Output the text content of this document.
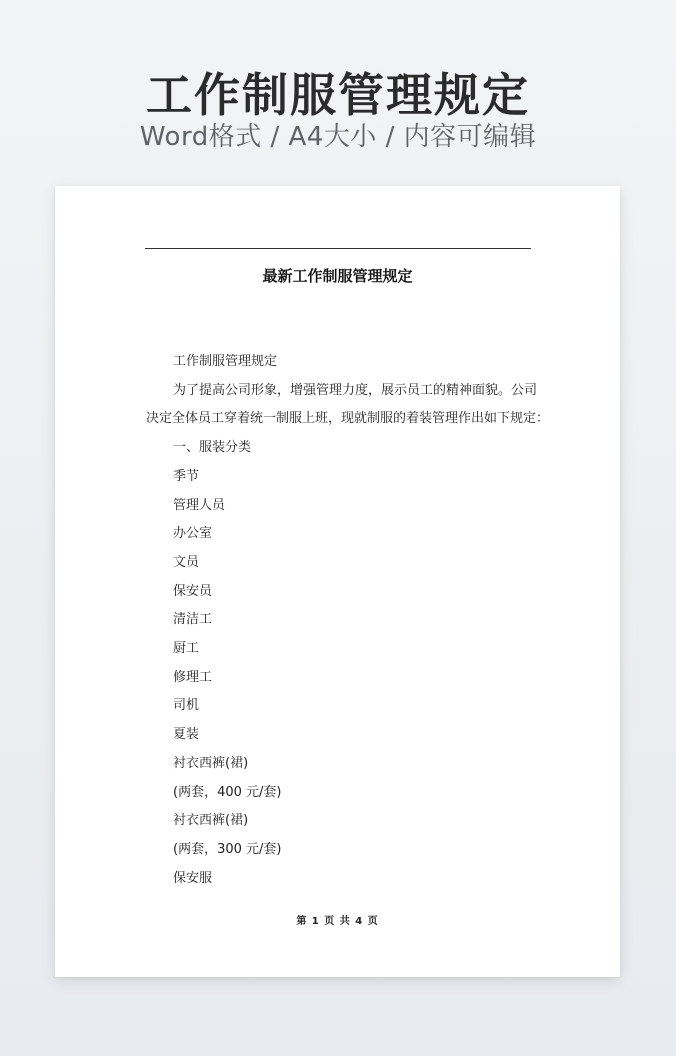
工作制服管理规定
Word格式 / A4大小 / 内容可编辑
最新工作制服管理规定

工作制服管理规定

为了提高公司形象，增强管理力度，展示员工的精神面貌。公司

决定全体员工穿着统一制服上班，现就制服的着装管理作出如下规定：

一、服装分类

季节

管理人员

办公室

文员

保安员

清洁工

厨工

修理工

司机

夏装

衬衣西裤(裙)

(两套，400 元/套)

衬衣西裤(裙)

(两套，300 元/套)

保安服

第 1 页 共 4 页
